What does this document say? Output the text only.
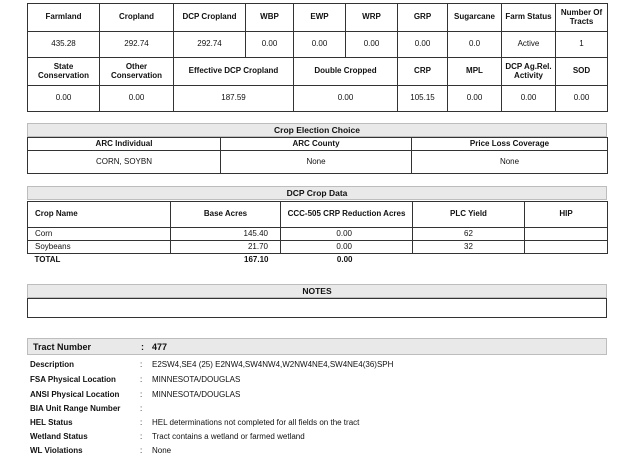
Farmland	Cropland	DCP Cropland	WBP	EWP	WRP	GRP	Sugarcane	Farm Status	Number Of Tracts
435.28	292.74	292.74	0.00	0.00	0.00	0.00	0.0	Active	1
State Conservation	Other Conservation	Effective DCP Cropland		Double Cropped		CRP	MPL	DCP Ag.Rel. Activity	SOD
0.00	0.00	187.59		0.00		105.15	0.00	0.00	0.00
Crop Election Choice
ARC Individual	ARC County	Price Loss Coverage
CORN, SOYBN	None	None
DCP Crop Data
Crop Name	Base Acres	CCC-505 CRP Reduction Acres	PLC Yield	HIP
Corn	145.40	0.00	62	
Soybeans	21.70	0.00	32	
TOTAL	167.10	0.00		
NOTES
Tract Number	: 477
Description	: E2SW4,SE4 (25) E2NW4,SW4NW4,W2NW4NE4,SW4NE4(36)SPH
FSA Physical Location	: MINNESOTA/DOUGLAS
ANSI Physical Location	: MINNESOTA/DOUGLAS
BIA Unit Range Number :
HEL Status	: HEL determinations not completed for all fields on the tract
Wetland Status	: Tract contains a wetland or farmed wetland
WL Violations	: None
